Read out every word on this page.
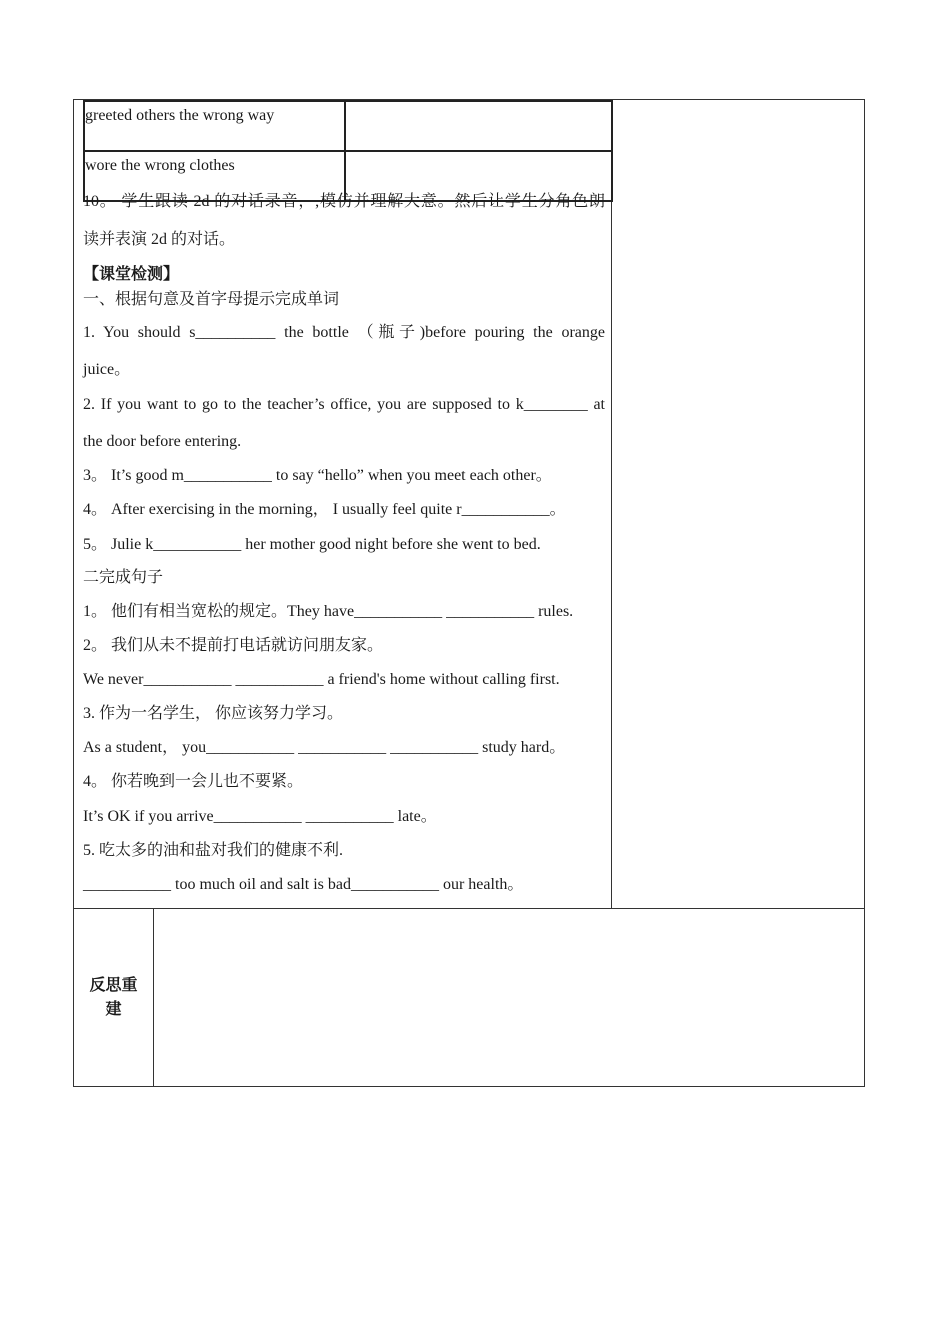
greeted others the wrong way	
wore the wrong clothes	
10。 学生跟读 2d 的对话录音，,模仿并理解大意。然后让学生分角色朗
读并表演 2d 的对话。
【课堂检测】
一、根据句意及首字母提示完成单词
1. You should s__________ the bottle （瓶子)before pouring the orange
juice。
2. If you want to go to the teacher’s office, you are supposed to k________ at
the door before entering.
3。 It’s good m___________ to say “hello” when you meet each other。
4。 After exercising in the morning， I usually feel quite r___________。
5。 Julie k___________ her mother good night before she went to bed.
二完成句子
1。 他们有相当宽松的规定。They have___________ ___________ rules.
2。 我们从未不提前打电话就访问朋友家。
We never___________ ___________ a friend's home without calling first.
3. 作为一名学生， 你应该努力学习。
As a student， you___________ ___________ ___________ study hard。
4。 你若晚到一会儿也不要紧。
It’s OK if you arrive___________ ___________ late。
5. 吃太多的油和盐对我们的健康不利.
___________ too much oil and salt is bad___________ our health。

反思重建	
